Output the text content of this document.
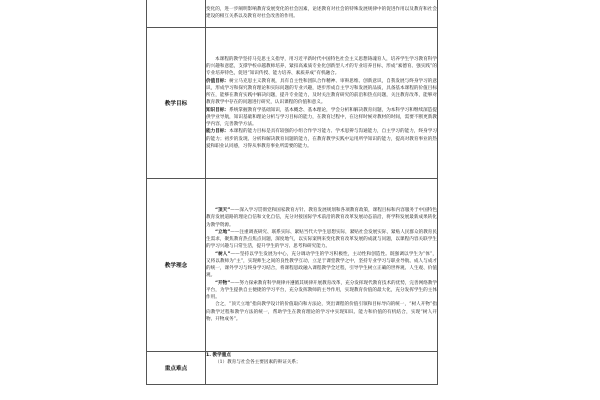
	变化的，进一步阐明影响教育发展变化的社会因素，论述教育对社会的特殊发展规律中的促进作用以及教育和社会建设的相互关系以及教育对社会改善的作用。

教学目标	本课程的教学坚持马克思主义指导，用习近平新时代中国特色社会主义思想铸魂育人，培养学生学习教育科学的兴趣和意愿，支撑学校卓越教师培养，紧扣高素质专业化创新型人才的专业培养目标，形成“素德育、强实践”的专业培养特色，促进“知识传授、能力培养、素质养成”有机融合。

价值目标：树立马克思主义教育观，具有自主性和团队合作精神、审辩思维、创新意识，自我发展与终身学习的意识，形成学习和探究教育理论和实际问题的专业兴趣，逐步形成自主学习和发展的品质，具备基本课程的价值目标所在，能够在教育实践中解决问题，提升专业能力，及时关注教育研究的前沿和热点问题，关注教育改革，能够对教育教学中存在的问题进行研究，认识课程的价值和意义。

知识目标：系统掌握教育学基础知识，基本概念、基本理论，学会分析和解决教育问题，为本科学习和继续深造提供学业导航，知识基础和理论分析与学习目标的能力，在教育过程中，在这样时候对教材的时间，需要不断更新教学内容，完善教学方法。

能力目标：本课程的能力目标是具有较强的小组合作学习能力、学术思辨与沟通能力，自主学习的能力，终身学习的能力；初步的发现、分析和解决教育问题的能力，在教育教学实践中运用所学知识的能力，提高对教育事业的热爱和职业认同感，习得从事教育事业所需要的能力。

教学理念	“顶天”——深入学习贯彻党和国家教育方针、教育发展规划和各项教育政策，课程目标和内容服务于中国特色教育发展道路的理论自信和文化自信，充分对接国际学术前沿的教育改革发展动态前沿，将学科发展最新成果转化为教学资源。

“立地”——注重调查研究、联系实际、紧贴当代大学生思想实际，紧贴社会发展实际，紧贴人民群众的教育民生需求，聚焦教育热点焦点问题，深度地气，以实际案例来变化教育改革发展的成就与问题，以课程内容关联学生的学习兴趣与日常生活，提升学生的学习、思考和研究能力。

“树人”——坚持以学生发展为中心，充分调动学生的学习积极性，主动性和创造性。既强调以学生为“体”，又将以教师为“主”，实现师生之间的良性教学互动，立足于课堂教学之中，坚持专业学习与职业导航、成人与成才的统一，课外学习与终身学习结合，将课程思政融入课程教学全过程，引导学生树立正确的世界观、人生观、价值观。

“开物”——努力探索教育科学规律并遵循其规律开展教育改革，充分发挥现代教育技术的优势，完善网络教学平台，为学生提供自主便捷的学习平台，充分发挥教师的主导作用，实现教育价值的最大化，充分发挥学生的主体作用。

合之，“顶天立地”指向教学设计的价值取向和方法论，突出课程的价值引领和目标导向的统一，“树人开物”指向教学过程和教学方法的统一，帮助学生在教育理论的学习中实现知识、能力和价值的有机结合，实现“树人开物、开物成务”。

重点难点	1. 教学重点

（1）教育与社会各主要因素的辩证关系；
